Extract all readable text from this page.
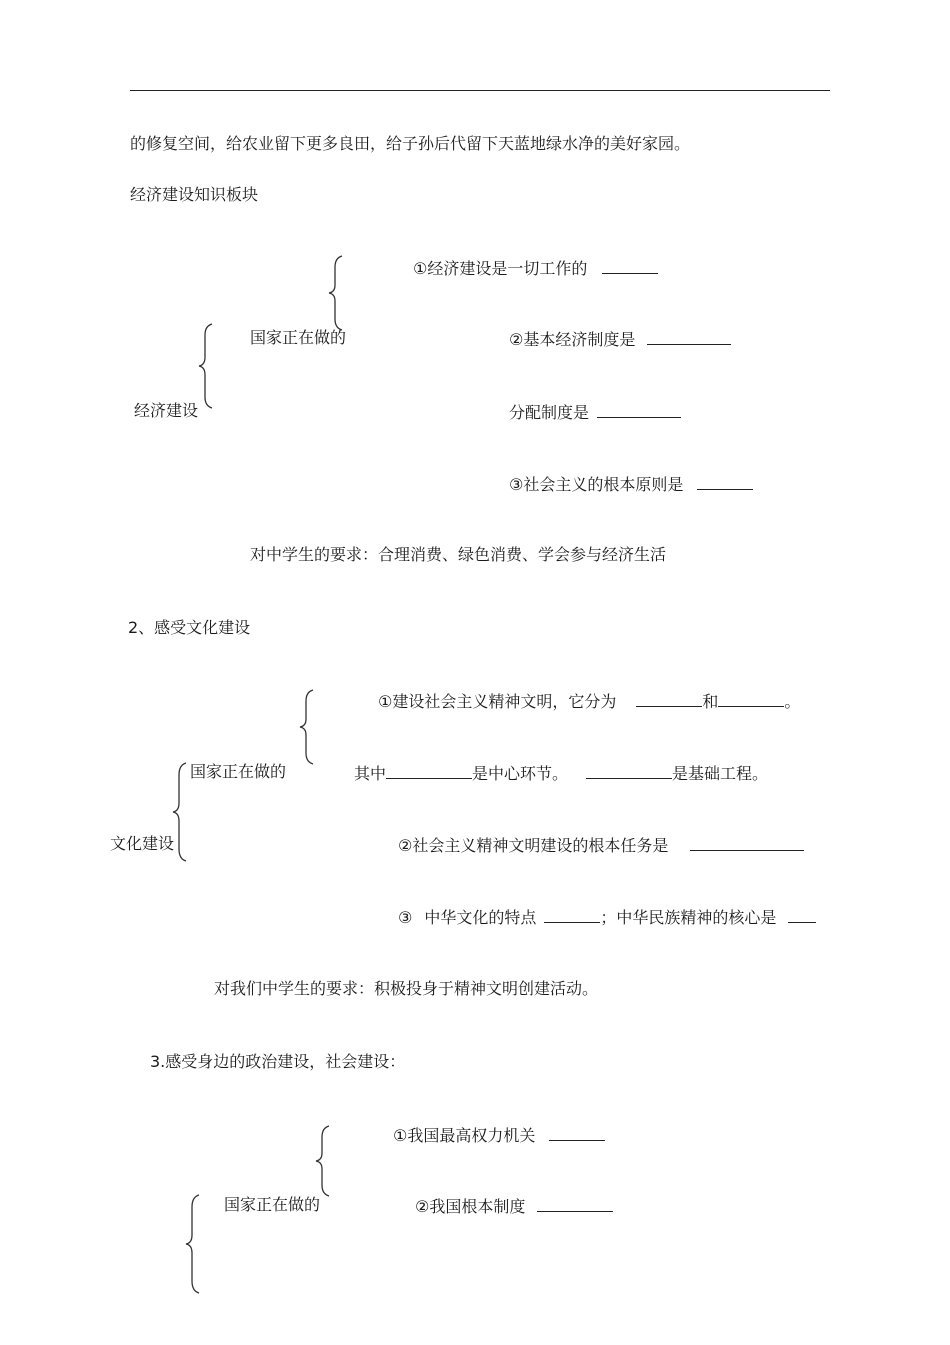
的修复空间，给农业留下更多良田，给子孙后代留下天蓝地绿水净的美好家园。
经济建设知识板块
①经济建设是一切工作的
国家正在做的	②基本经济制度是
经济建设	分配制度是
③社会主义的根本原则是
对中学生的要求：合理消费、绿色消费、学会参与经济生活
2、感受文化建设
①建设社会主义精神文明，它分为	和	。
国家正在做的	其中	是中心环节。	是基础工程。
文化建设	②社会主义精神文明建设的根本任务是
③ 中华文化的特点	；中华民族精神的核心是
对我们中学生的要求：积极投身于精神文明创建活动。
3.感受身边的政治建设，社会建设：
①我国最高权力机关
国家正在做的	②我国根本制度
